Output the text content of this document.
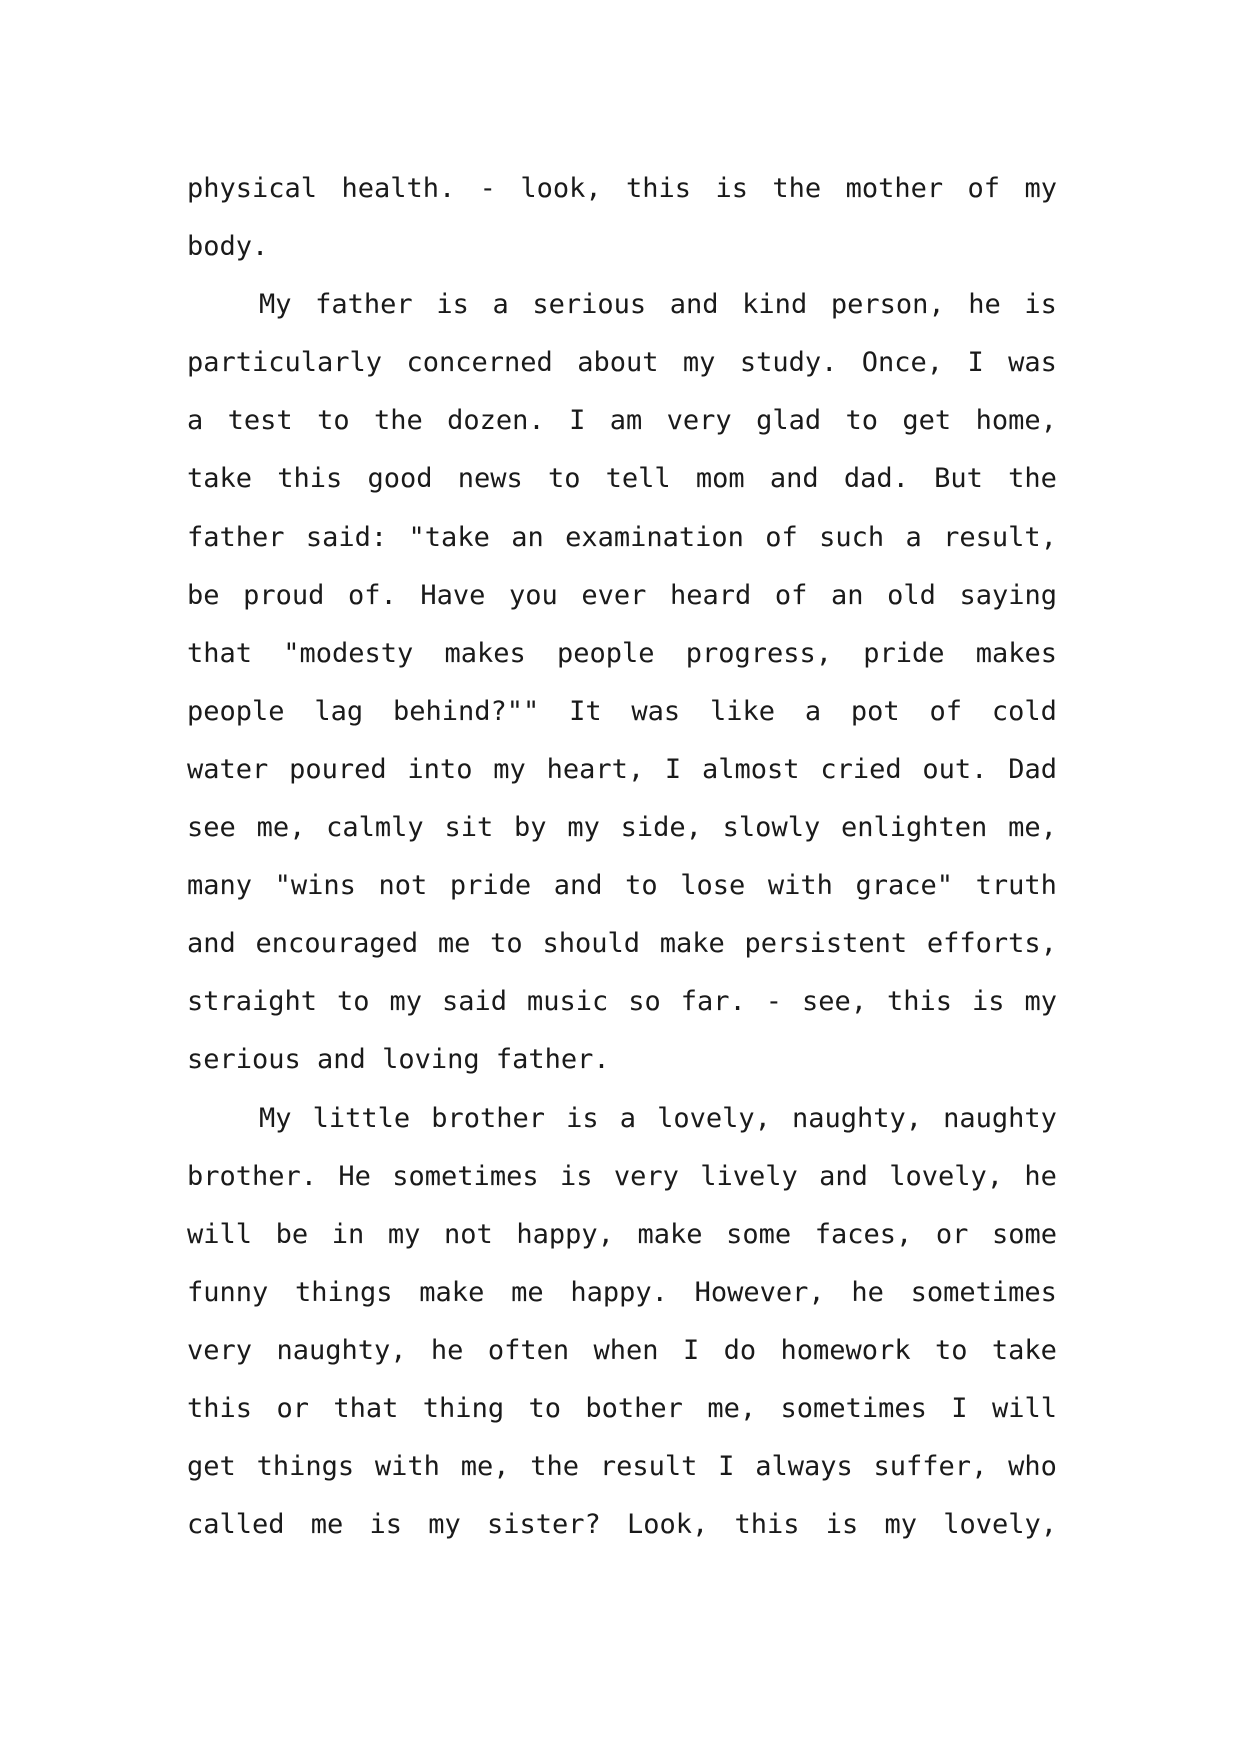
physical health. - look, this is the mother of my
body.
My father is a serious and kind person, he is
particularly concerned about my study. Once, I was
a test to the dozen. I am very glad to get home,
take this good news to tell mom and dad. But the
father said: "take an examination of such a result,
be proud of. Have you ever heard of an old saying
that "modesty makes people progress, pride makes
people lag behind?"" It was like a pot of cold
water poured into my heart, I almost cried out. Dad
see me, calmly sit by my side, slowly enlighten me,
many "wins not pride and to lose with grace" truth
and encouraged me to should make persistent efforts,
straight to my said music so far. - see, this is my
serious and loving father.
My little brother is a lovely, naughty, naughty
brother. He sometimes is very lively and lovely, he
will be in my not happy, make some faces, or some
funny things make me happy. However, he sometimes
very naughty, he often when I do homework to take
this or that thing to bother me, sometimes I will
get things with me, the result I always suffer, who
called me is my sister? Look, this is my lovely,
